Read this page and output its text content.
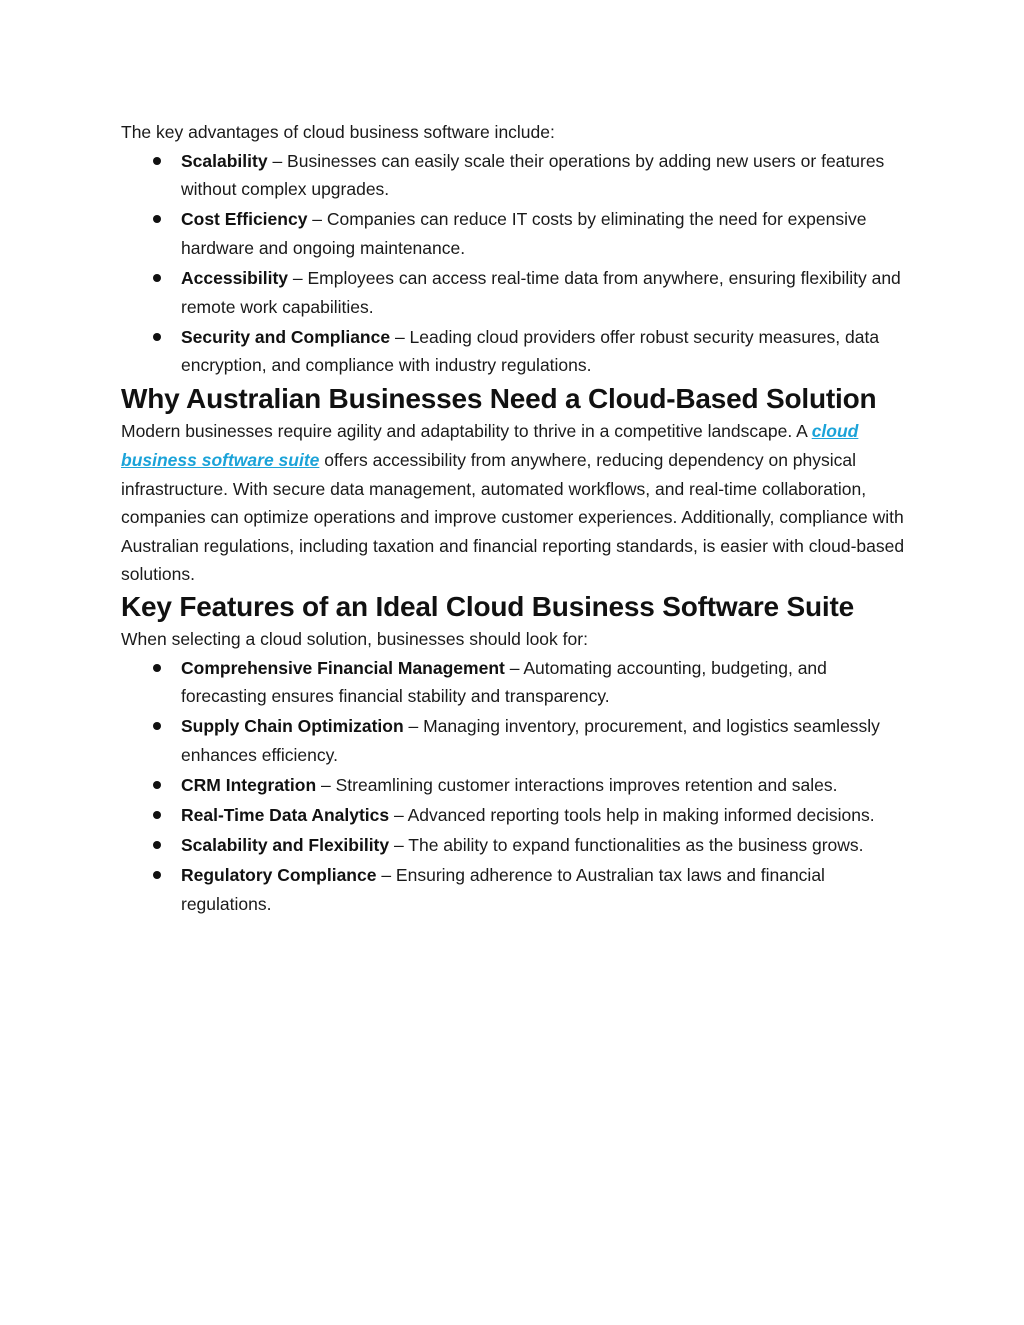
The key advantages of cloud business software include:

Scalability – Businesses can easily scale their operations by adding new users or features without complex upgrades.
Cost Efficiency – Companies can reduce IT costs by eliminating the need for expensive hardware and ongoing maintenance.
Accessibility – Employees can access real-time data from anywhere, ensuring flexibility and remote work capabilities.
Security and Compliance – Leading cloud providers offer robust security measures, data encryption, and compliance with industry regulations.
Why Australian Businesses Need a Cloud-Based Solution

Modern businesses require agility and adaptability to thrive in a competitive landscape. A cloud business software suite offers accessibility from anywhere, reducing dependency on physical infrastructure. With secure data management, automated workflows, and real-time collaboration, companies can optimize operations and improve customer experiences. Additionally, compliance with Australian regulations, including taxation and financial reporting standards, is easier with cloud-based solutions.

Key Features of an Ideal Cloud Business Software Suite

When selecting a cloud solution, businesses should look for:

Comprehensive Financial Management – Automating accounting, budgeting, and forecasting ensures financial stability and transparency.
Supply Chain Optimization – Managing inventory, procurement, and logistics seamlessly enhances efficiency.
CRM Integration – Streamlining customer interactions improves retention and sales.
Real-Time Data Analytics – Advanced reporting tools help in making informed decisions.
Scalability and Flexibility – The ability to expand functionalities as the business grows.
Regulatory Compliance – Ensuring adherence to Australian tax laws and financial regulations.
